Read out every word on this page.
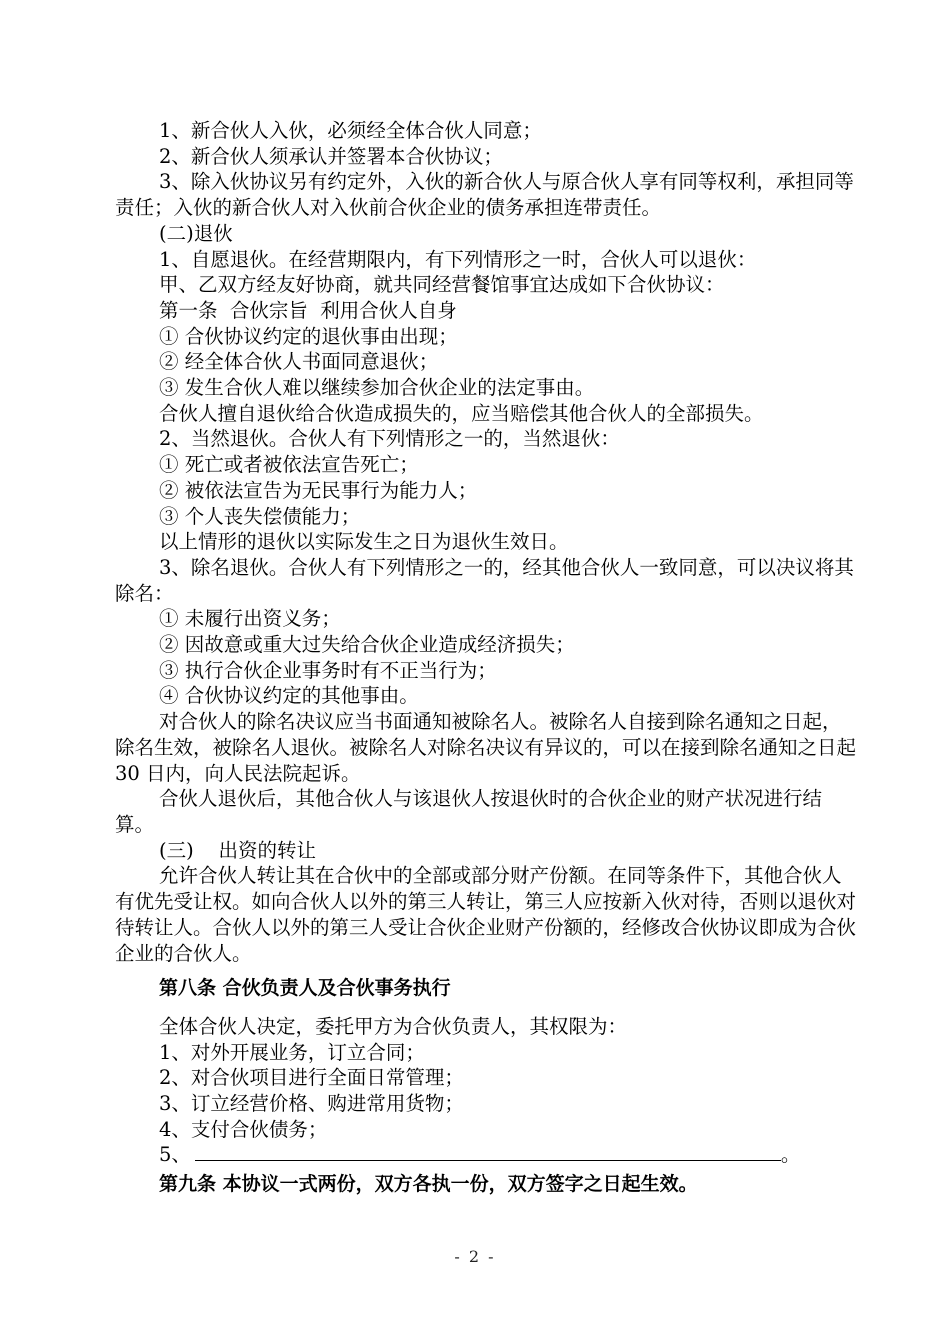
1、新合伙人入伙，必须经全体合伙人同意；

2、新合伙人须承认并签署本合伙协议；

3、除入伙协议另有约定外，入伙的新合伙人与原合伙人享有同等权利，承担同等责任；入伙的新合伙人对入伙前合伙企业的债务承担连带责任。

(二)退伙

1、自愿退伙。在经营期限内，有下列情形之一时，合伙人可以退伙：

甲、乙双方经友好协商，就共同经营餐馆事宜达成如下合伙协议：

第一条  合伙宗旨  利用合伙人自身

① 合伙协议约定的退伙事由出现；

② 经全体合伙人书面同意退伙；

③ 发生合伙人难以继续参加合伙企业的法定事由。

合伙人擅自退伙给合伙造成损失的，应当赔偿其他合伙人的全部损失。

2、当然退伙。合伙人有下列情形之一的，当然退伙：

① 死亡或者被依法宣告死亡；

② 被依法宣告为无民事行为能力人；

③ 个人丧失偿债能力；

以上情形的退伙以实际发生之日为退伙生效日。

3、除名退伙。合伙人有下列情形之一的，经其他合伙人一致同意，可以决议将其除名：

① 未履行出资义务；

② 因故意或重大过失给合伙企业造成经济损失；

③ 执行合伙企业事务时有不正当行为；

④ 合伙协议约定的其他事由。

对合伙人的除名决议应当书面通知被除名人。被除名人自接到除名通知之日起，除名生效，被除名人退伙。被除名人对除名决议有异议的，可以在接到除名通知之日起 30 日内，向人民法院起诉。

合伙人退伙后，其他合伙人与该退伙人按退伙时的合伙企业的财产状况进行结算。

(三)    出资的转让

允许合伙人转让其在合伙中的全部或部分财产份额。在同等条件下，其他合伙人有优先受让权。如向合伙人以外的第三人转让，第三人应按新入伙对待，否则以退伙对待转让人。合伙人以外的第三人受让合伙企业财产份额的，经修改合伙协议即成为合伙企业的合伙人。

第八条 合伙负责人及合伙事务执行

全体合伙人决定，委托甲方为合伙负责人，其权限为：

1、对外开展业务，订立合同；

2、对合伙项目进行全面日常管理；

3、订立经营价格、购进常用货物；

4、支付合伙债务；

5、	。

第九条 本协议一式两份，双方各执一份，双方签字之日起生效。

- 2 -
